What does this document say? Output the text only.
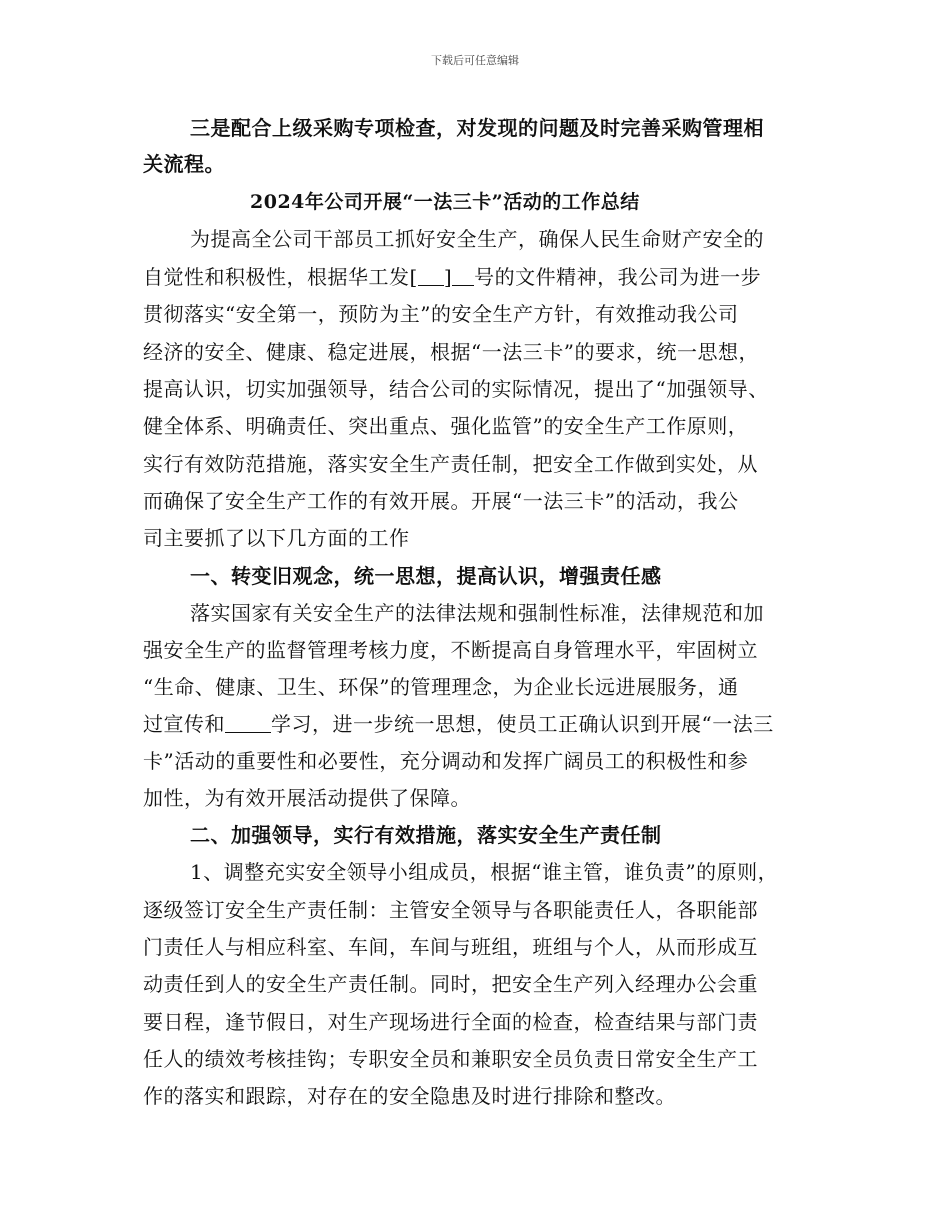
下载后可任意编辑
三是配合上级采购专项检查，对发现的问题及时完善采购管理相
关流程。
2024年公司开展“一法三卡”活动的工作总结
为提高全公司干部员工抓好安全生产，确保人民生命财产安全的
自觉性和积极性，根据华工发[ ] 号的文件精神，我公司为进一步
贯彻落实“安全第一，预防为主”的安全生产方针，有效推动我公司
经济的安全、健康、稳定进展，根据“一法三卡”的要求，统一思想，
提高认识，切实加强领导，结合公司的实际情况，提出了“加强领导、
健全体系、明确责任、突出重点、强化监管”的安全生产工作原则，
实行有效防范措施，落实安全生产责任制，把安全工作做到实处，从
而确保了安全生产工作的有效开展。开展“一法三卡”的活动，我公
司主要抓了以下几方面的工作
一、转变旧观念，统一思想，提高认识，增强责任感
落实国家有关安全生产的法律法规和强制性标准，法律规范和加
强安全生产的监督管理考核力度，不断提高自身管理水平，牢固树立
“生命、健康、卫生、环保”的管理理念，为企业长远进展服务，通
过宣传和 学习，进一步统一思想，使员工正确认识到开展“一法三
卡”活动的重要性和必要性，充分调动和发挥广阔员工的积极性和参
加性，为有效开展活动提供了保障。
二、加强领导，实行有效措施，落实安全生产责任制
1、调整充实安全领导小组成员，根据“谁主管，谁负责”的原则，
逐级签订安全生产责任制：主管安全领导与各职能责任人，各职能部
门责任人与相应科室、车间，车间与班组，班组与个人，从而形成互
动责任到人的安全生产责任制。同时，把安全生产列入经理办公会重
要日程，逢节假日，对生产现场进行全面的检查，检查结果与部门责
任人的绩效考核挂钩；专职安全员和兼职安全员负责日常安全生产工
作的落实和跟踪，对存在的安全隐患及时进行排除和整改。
